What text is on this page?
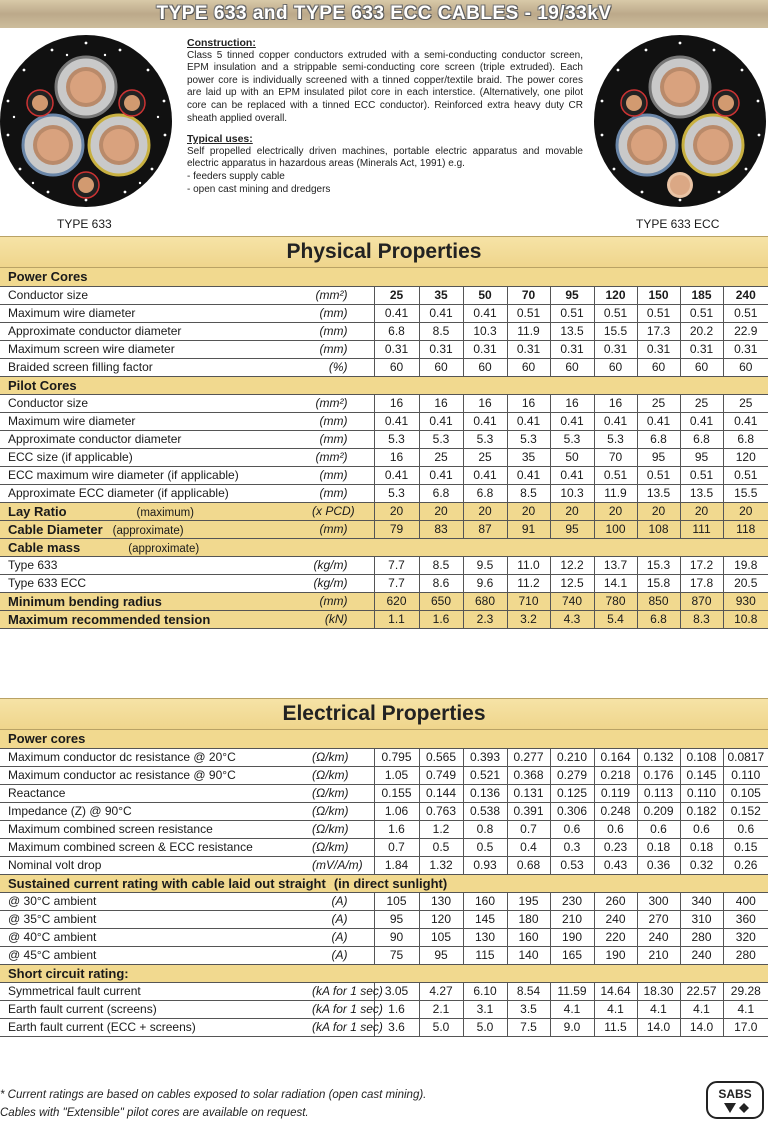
TYPE 633 and TYPE 633 ECC CABLES - 19/33kV
TYPE 633	TYPE 633 ECC
Construction:
Class 5 tinned copper conductors extruded with a semi-conducting conductor screen, EPM insulation and a strippable semi-conducting core screen (triple extruded). Each power core is individually screened with a tinned copper/textile braid. The power cores are laid up with an EPM insulated pilot core in each interstice. (Alternatively, one pilot core can be replaced with a tinned ECC conductor). Reinforced extra heavy duty CR sheath applied overall.
Typical uses:
Self propelled electrically driven machines, portable electric apparatus and movable electric apparatus in hazardous areas (Minerals Act, 1991) e.g.
- feeders supply cable
- open cast mining and dredgers
Physical Properties
Power Cores										
Conductor size	(mm²)	25	35	50	70	95	120	150	185	240
Maximum wire diameter	(mm)	0.41	0.41	0.41	0.51	0.51	0.51	0.51	0.51	0.51
Approximate conductor diameter	(mm)	6.8	8.5	10.3	11.9	13.5	15.5	17.3	20.2	22.9
Maximum screen wire diameter	(mm)	0.31	0.31	0.31	0.31	0.31	0.31	0.31	0.31	0.31
Braided screen filling factor	(%)	60	60	60	60	60	60	60	60	60
Pilot Cores										
Conductor size	(mm²)	16	16	16	16	16	16	25	25	25
Maximum wire diameter	(mm)	0.41	0.41	0.41	0.41	0.41	0.41	0.41	0.41	0.41
Approximate conductor diameter	(mm)	5.3	5.3	5.3	5.3	5.3	5.3	6.8	6.8	6.8
ECC size (if applicable)	(mm²)	16	25	25	35	50	70	95	95	120
ECC maximum wire diameter (if applicable)	(mm)	0.41	0.41	0.41	0.41	0.41	0.51	0.51	0.51	0.51
Approximate ECC diameter (if applicable)	(mm)	5.3	6.8	6.8	8.5	10.3	11.9	13.5	13.5	15.5
Lay Ratio (maximum)	(x PCD)	20	20	20	20	20	20	20	20	20
Cable Diameter (approximate)	(mm)	79	83	87	91	95	100	108	111	118
Cable mass (approximate)										
Type 633	(kg/m)	7.7	8.5	9.5	11.0	12.2	13.7	15.3	17.2	19.8
Type 633 ECC	(kg/m)	7.7	8.6	9.6	11.2	12.5	14.1	15.8	17.8	20.5
Minimum bending radius	(mm)	620	650	680	710	740	780	850	870	930
Maximum recommended tension	(kN)	1.1	1.6	2.3	3.2	4.3	5.4	6.8	8.3	10.8
Electrical Properties
Power cores										
Maximum conductor dc resistance @ 20°C	(Ω/km)	0.795	0.565	0.393	0.277	0.210	0.164	0.132	0.108	0.0817
Maximum conductor ac resistance @ 90°C	(Ω/km)	1.05	0.749	0.521	0.368	0.279	0.218	0.176	0.145	0.110
Reactance	(Ω/km)	0.155	0.144	0.136	0.131	0.125	0.119	0.113	0.110	0.105
Impedance (Z) @ 90°C	(Ω/km)	1.06	0.763	0.538	0.391	0.306	0.248	0.209	0.182	0.152
Maximum combined screen resistance	(Ω/km)	1.6	1.2	0.8	0.7	0.6	0.6	0.6	0.6	0.6
Maximum combined screen & ECC resistance	(Ω/km)	0.7	0.5	0.5	0.4	0.3	0.23	0.18	0.18	0.15
Nominal volt drop	(mV/A/m)	1.84	1.32	0.93	0.68	0.53	0.43	0.36	0.32	0.26
Sustained current rating with cable laid out straight (in direct sunlight)										
@ 30°C ambient	(A)	105	130	160	195	230	260	300	340	400
@ 35°C ambient	(A)	95	120	145	180	210	240	270	310	360
@ 40°C ambient	(A)	90	105	130	160	190	220	240	280	320
@ 45°C ambient	(A)	75	95	115	140	165	190	210	240	280
Short circuit rating:										
Symmetrical fault current	(kA for 1 sec)	3.05	4.27	6.10	8.54	11.59	14.64	18.30	22.57	29.28
Earth fault current (screens)	(kA for 1 sec)	1.6	2.1	3.1	3.5	4.1	4.1	4.1	4.1	4.1
Earth fault current (ECC + screens)	(kA for 1 sec)	3.6	5.0	5.0	7.5	9.0	11.5	14.0	14.0	17.0
* Current ratings are based on cables exposed to solar radiation (open cast mining).
Cables with "Extensible" pilot cores are available on request.
SABS
